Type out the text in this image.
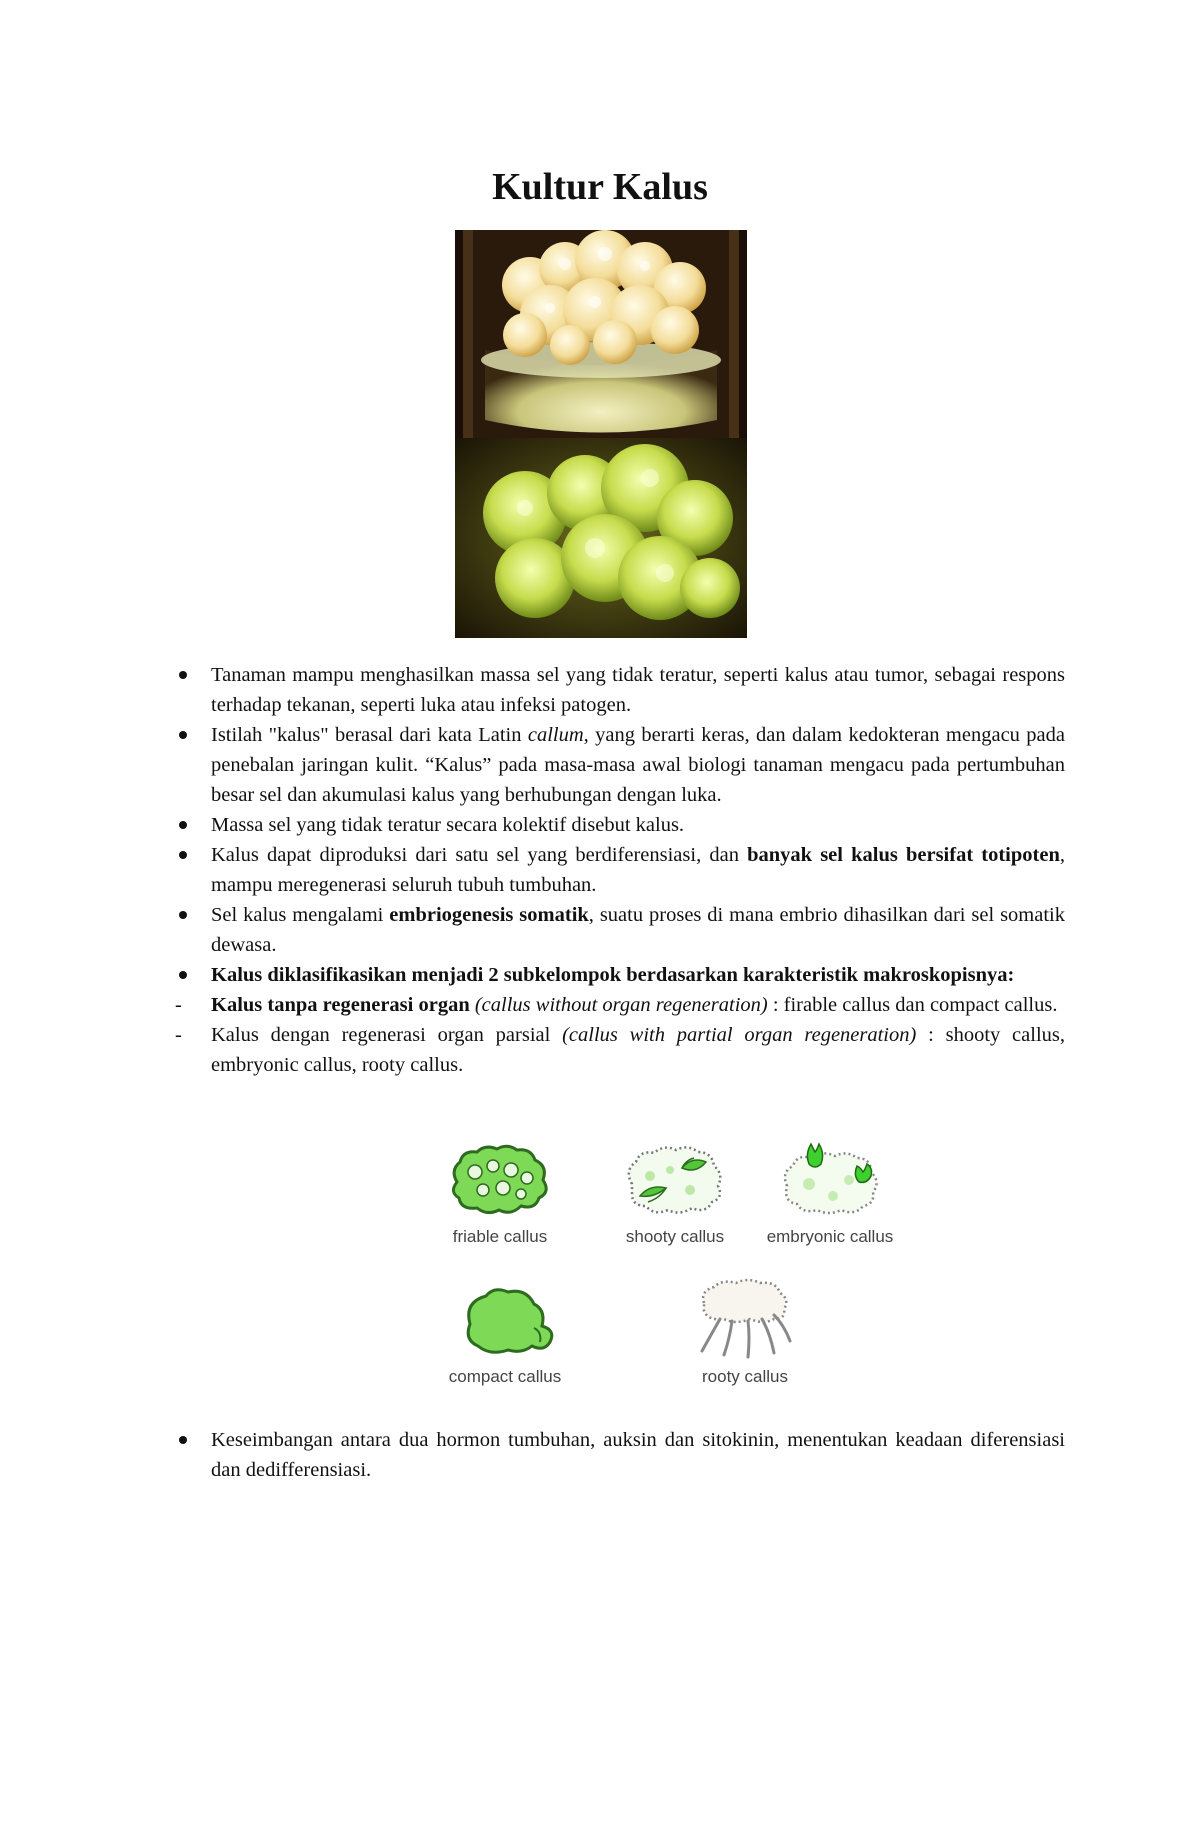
Kultur Kalus
Tanaman mampu menghasilkan massa sel yang tidak teratur, seperti kalus atau tumor, sebagai respons terhadap tekanan, seperti luka atau infeksi patogen.
Istilah "kalus" berasal dari kata Latin callum, yang berarti keras, dan dalam kedokteran mengacu pada penebalan jaringan kulit. “Kalus” pada masa-masa awal biologi tanaman mengacu pada pertumbuhan besar sel dan akumulasi kalus yang berhubungan dengan luka.
Massa sel yang tidak teratur secara kolektif disebut kalus.
Kalus dapat diproduksi dari satu sel yang berdiferensiasi, dan banyak sel kalus bersifat totipoten, mampu meregenerasi seluruh tubuh tumbuhan.
Sel kalus mengalami embriogenesis somatik, suatu proses di mana embrio dihasilkan dari sel somatik dewasa.
Kalus diklasifikasikan menjadi 2 subkelompok berdasarkan karakteristik makroskopisnya:
- Kalus tanpa regenerasi organ (callus without organ regeneration) : firable callus dan compact callus.
- Kalus dengan regenerasi organ parsial (callus with partial organ regeneration) : shooty callus, embryonic callus, rooty callus.
friable callus	shooty callus	embryonic callus
compact callus	rooty callus
Keseimbangan antara dua hormon tumbuhan, auksin dan sitokinin, menentukan keadaan diferensiasi dan dedifferensiasi.
